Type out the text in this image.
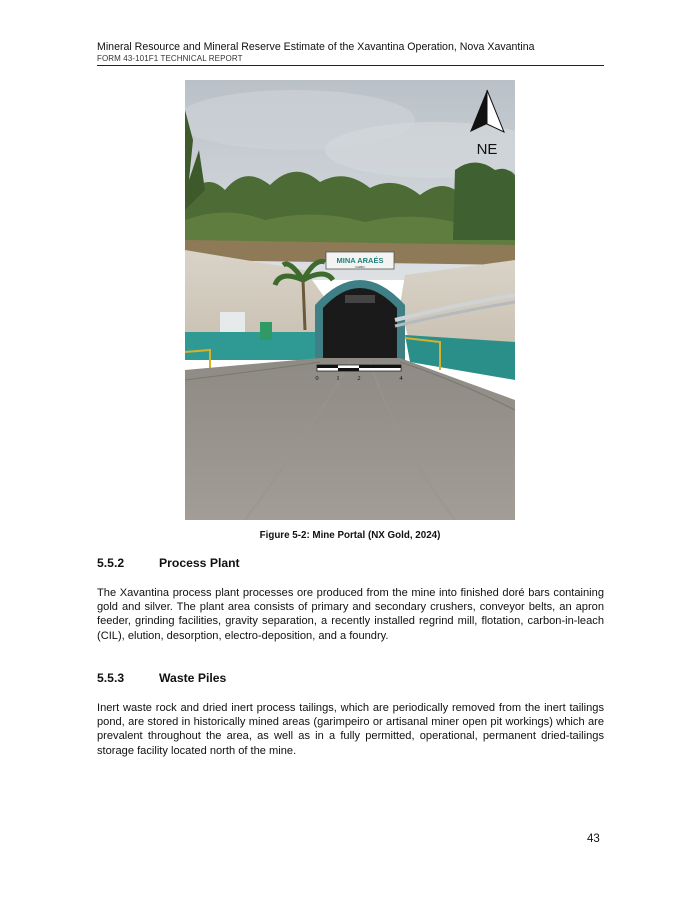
Mineral Resource and Mineral Reserve Estimate of the Xavantina Operation, Nova Xavantina
FORM 43-101F1 TECHNICAL REPORT
MINA ARAÉS
ICEBO
0	1	2	4
NE
Figure 5-2: Mine Portal (NX Gold, 2024)
5.5.2	Process Plant

The Xavantina process plant processes ore produced from the mine into finished doré bars containing gold and silver. The plant area consists of primary and secondary crushers, conveyor belts, an apron feeder, grinding facilities, gravity separation, a recently installed regrind mill, flotation, carbon-in-leach (CIL), elution, desorption, electro-deposition, and a foundry.

5.5.3	Waste Piles

Inert waste rock and dried inert process tailings, which are periodically removed from the inert tailings pond, are stored in historically mined areas (garimpeiro or artisanal miner open pit workings) which are prevalent throughout the area, as well as in a fully permitted, operational, permanent dried-tailings storage facility located north of the mine.

43
